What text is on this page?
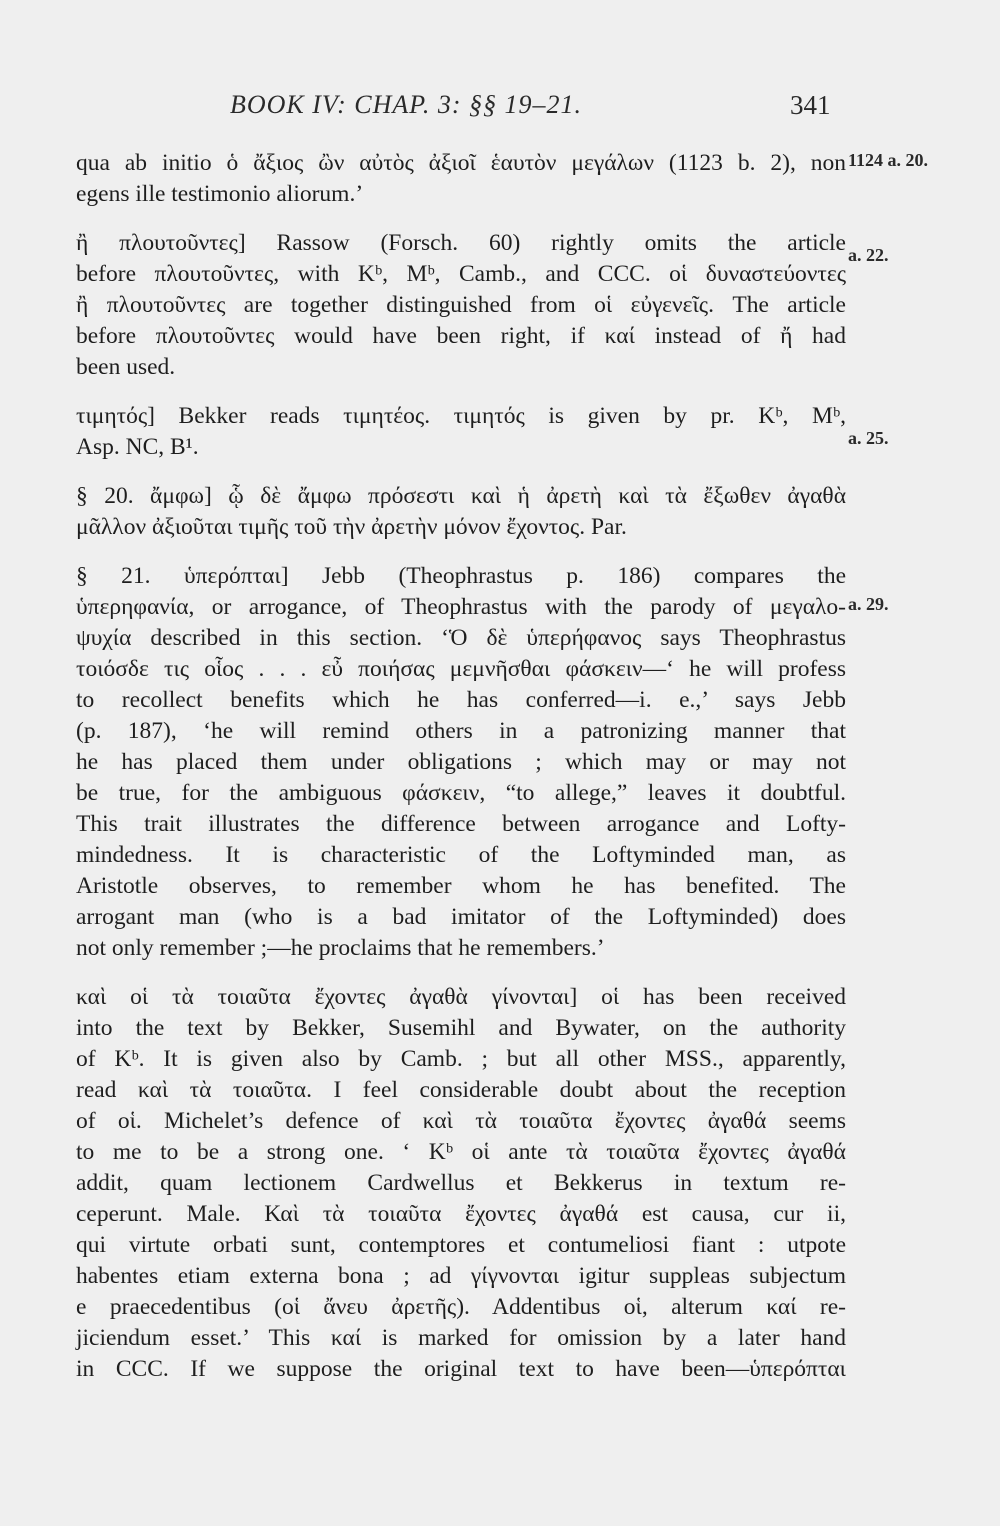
BOOK IV: CHAP. 3: §§ 19–21.	341
1124 a. 20.
a. 22.
a. 25.
a. 29.
qua ab initio ὁ ἄξιος ὢν αὐτὸς ἀξιοῖ ἑαυτὸν μεγάλων (1123 b. 2), non
egens ille testimonio aliorum.’
ἢ πλουτοῦντες] Rassow (Forsch. 60) rightly omits the article
before πλουτοῦντες, with Kᵇ, Mᵇ, Camb., and CCC. οἱ δυναστεύοντες
ἢ πλουτοῦντες are together distinguished from οἱ εὐγενεῖς. The article
before πλουτοῦντες would have been right, if καί instead of ἤ had
been used.
τιμητός] Bekker reads τιμητέος. τιμητός is given by pr. Kᵇ, Mᵇ,
Asp. NC, B¹.
§ 20. ἄμφω] ᾧ δὲ ἄμφω πρόσεστι καὶ ἡ ἀρετὴ καὶ τὰ ἔξωθεν ἀγαθὰ
μᾶλλον ἀξιοῦται τιμῆς τοῦ τὴν ἀρετὴν μόνον ἔχοντος. Par.
§ 21. ὑπερόπται] Jebb (Theophrastus p. 186) compares the
ὑπερηφανία, or arrogance, of Theophrastus with the parody of μεγαλο-
ψυχία described in this section. ‘Ὁ δὲ ὑπερήφανος says Theophrastus
τοιόσδε τις οἷος . . . εὖ ποιήσας μεμνῆσθαι φάσκειν—‘ he will profess
to recollect benefits which he has conferred—i. e.,’ says Jebb
(p. 187), ‘he will remind others in a patronizing manner that
he has placed them under obligations ; which may or may not
be true, for the ambiguous φάσκειν, “to allege,” leaves it doubtful.
This trait illustrates the difference between arrogance and Lofty-
mindedness. It is characteristic of the Loftyminded man, as
Aristotle observes, to remember whom he has benefited. The
arrogant man (who is a bad imitator of the Loftyminded) does
not only remember ;—he proclaims that he remembers.’
καὶ οἱ τὰ τοιαῦτα ἔχοντες ἀγαθὰ γίνονται] οἱ has been received
into the text by Bekker, Susemihl and Bywater, on the authority
of Kᵇ. It is given also by Camb. ; but all other MSS., apparently,
read καὶ τὰ τοιαῦτα. I feel considerable doubt about the reception
of οἱ. Michelet’s defence of καὶ τὰ τοιαῦτα ἔχοντες ἀγαθά seems
to me to be a strong one. ‘ Kᵇ οἱ ante τὰ τοιαῦτα ἔχοντες ἀγαθά
addit, quam lectionem Cardwellus et Bekkerus in textum re-
ceperunt. Male. Καὶ τὰ τοιαῦτα ἔχοντες ἀγαθά est causa, cur ii,
qui virtute orbati sunt, contemptores et contumeliosi fiant : utpote
habentes etiam externa bona ; ad γίγνονται igitur suppleas subjectum
e praecedentibus (οἱ ἄνευ ἀρετῆς). Addentibus οἱ, alterum καί re-
jiciendum esset.’ This καί is marked for omission by a later hand
in CCC. If we suppose the original text to have been—ὑπερόπται
